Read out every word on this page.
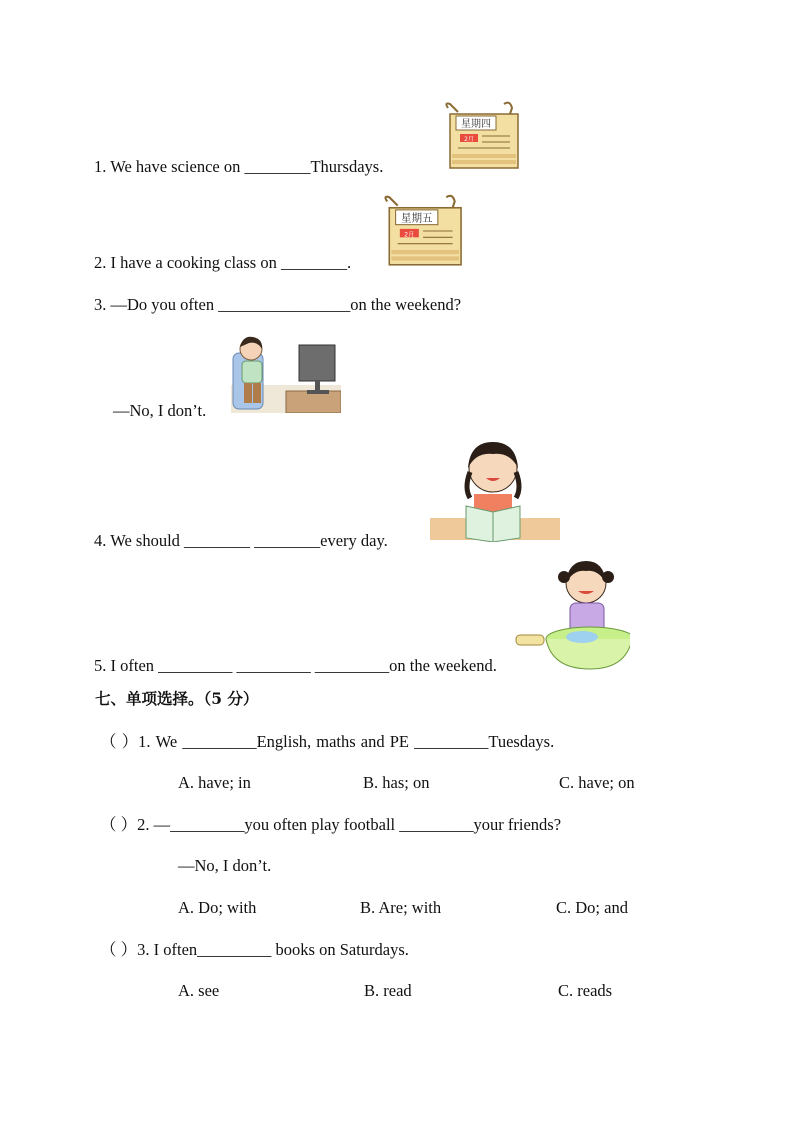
1. We have science on ________Thursdays.
2. I have a cooking class on ________.
3. —Do you often ________________on the weekend?
—No, I don’t.
4. We should ________ ________every day.
5. I often _________ _________ _________on the weekend.
星期四
2月
星期五
2月
七、单项选择。（5 分）
（ ）1. We _________English, maths and PE _________Tuesdays.
A. have; in	B. has; on	C. have; on
（ ）2. —_________you often play football _________your friends?
—No, I don’t.
A. Do; with	B. Are; with	C. Do; and
（ ）3. I often_________ books on Saturdays.
A. see	B. read	C. reads
